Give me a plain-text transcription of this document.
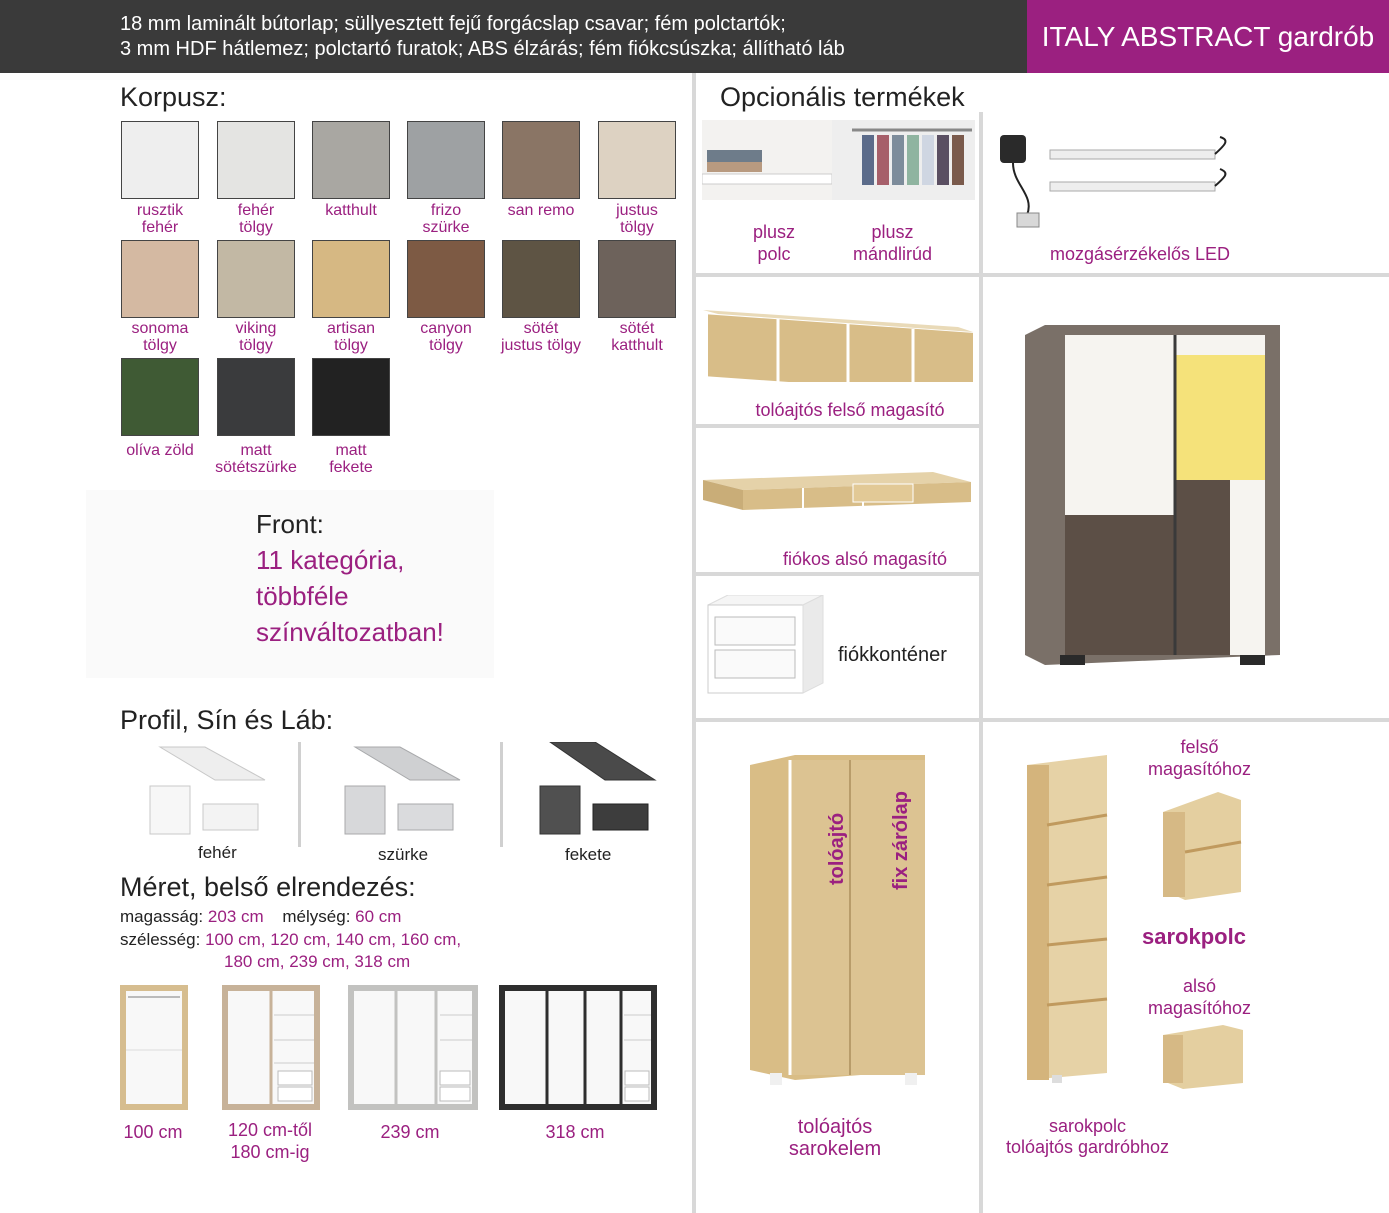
18 mm laminált bútorlap; süllyesztett fejű forgácslap csavar; fém polctartók;
3 mm HDF hátlemez; polctartó furatok; ABS élzárás; fém fiókcsúszka; állítható láb	ITALY ABSTRACT gardrób
Korpusz:
rusztik
fehér
fehér
tölgy
katthult	frizo
szürke
san remo	justus
tölgy
sonoma
tölgy
viking
tölgy
artisan
tölgy
canyon
tölgy
sötét
justus tölgy
sötét
katthult
olíva zöld	matt
sötétszürke
matt
fekete
Front:
11 kategória,
többféle
színváltozatban!
Profil, Sín és Láb:
fehér	szürke	fekete
Méret, belső elrendezés:
magasság: 203 cm mélység: 60 cm
szélesség: 100 cm, 120 cm, 140 cm, 160 cm,
180 cm, 239 cm, 318 cm
100 cm	120 cm-től
180 cm-ig
239 cm	318 cm
Opcionális termékek
plusz
polc
plusz
mándlirúd	mozgásérzékelős LED
tolóajtós felső magasító
fiókos alsó magasító
fiókkonténer
tolóajtó fix zárólap
tolóajtós
sarokelem
felső
magasítóhoz
sarokpolc
alsó
magasítóhoz
sarokpolc
tolóajtós gardróbhoz
